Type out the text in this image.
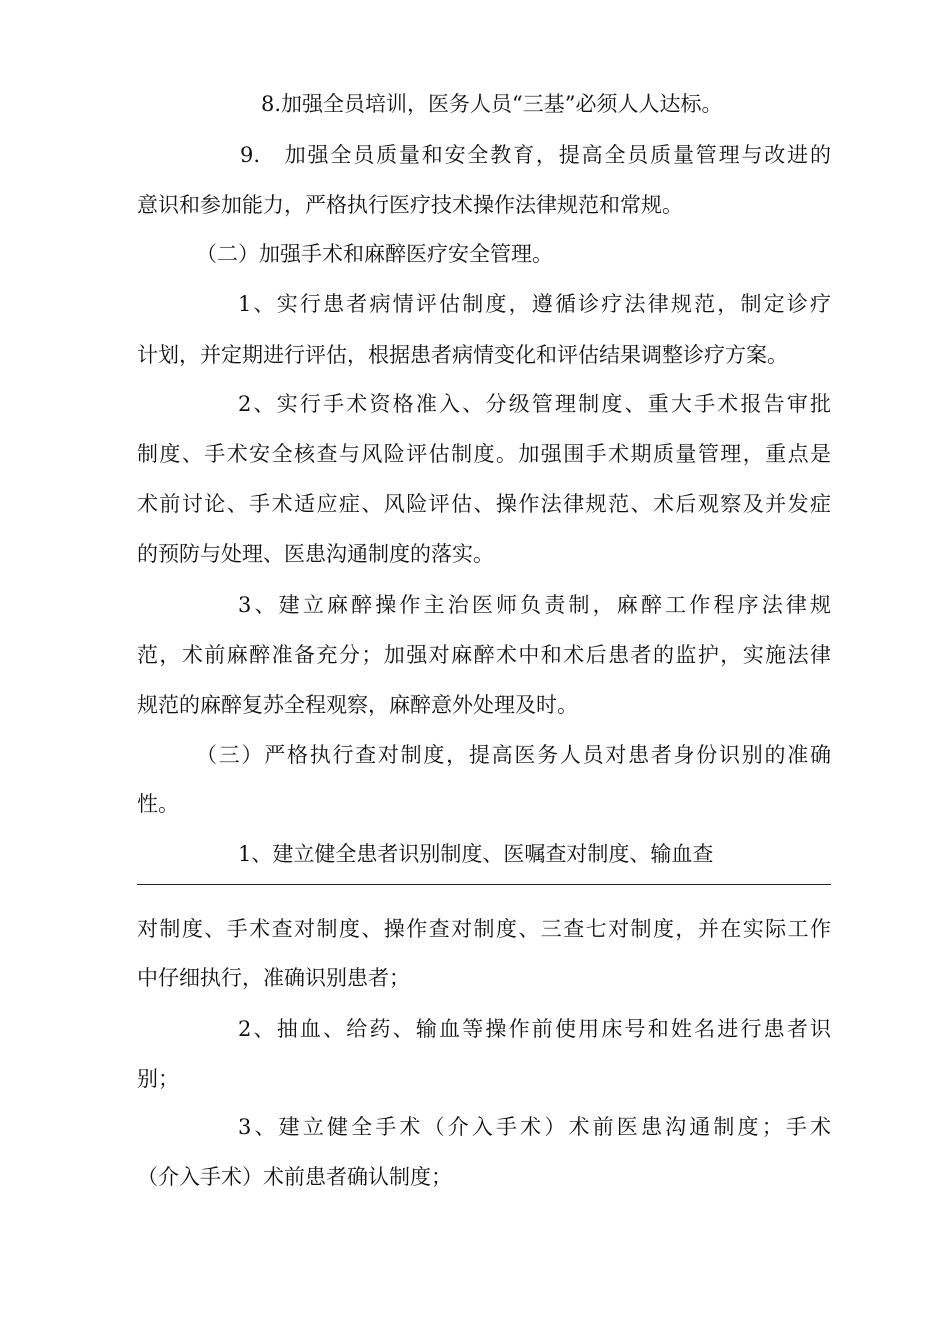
8.加强全员培训，医务人员“三基”必须人人达标。

9.　加强全员质量和安全教育，提高全员质量管理与改进的

意识和参加能力，严格执行医疗技术操作法律规范和常规。

（二）加强手术和麻醉医疗安全管理。

1、实行患者病情评估制度，遵循诊疗法律规范，制定诊疗

计划，并定期进行评估，根据患者病情变化和评估结果调整诊疗方案。

2、实行手术资格准入、分级管理制度、重大手术报告审批

制度、手术安全核查与风险评估制度。加强围手术期质量管理，重点是

术前讨论、手术适应症、风险评估、操作法律规范、术后观察及并发症

的预防与处理、医患沟通制度的落实。

3、建立麻醉操作主治医师负责制，麻醉工作程序法律规

范，术前麻醉准备充分；加强对麻醉术中和术后患者的监护，实施法律

规范的麻醉复苏全程观察，麻醉意外处理及时。

（三）严格执行查对制度，提高医务人员对患者身份识别的准确

性。

1、建立健全患者识别制度、医嘱查对制度、输血查

对制度、手术查对制度、操作查对制度、三查七对制度，并在实际工作

中仔细执行，准确识别患者；

2、抽血、给药、输血等操作前使用床号和姓名进行患者识

别；

3、建立健全手术（介入手术）术前医患沟通制度；手术

（介入手术）术前患者确认制度；
